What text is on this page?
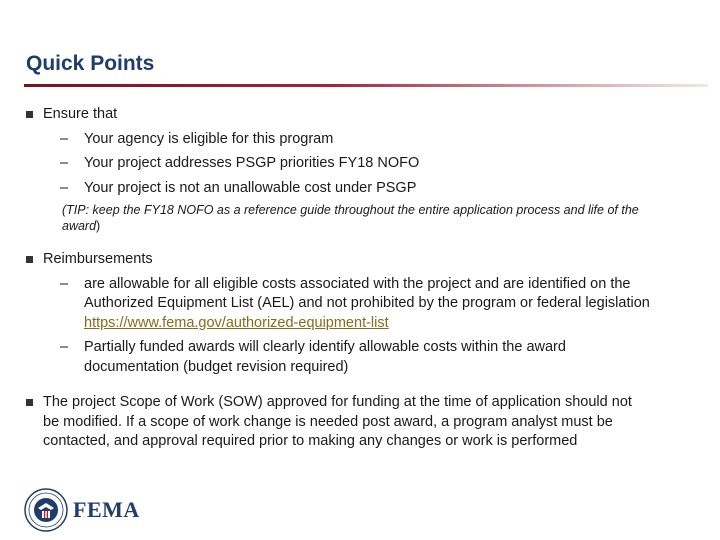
Quick Points
Ensure that
– Your agency is eligible for this program
– Your project addresses PSGP priorities FY18 NOFO
– Your project is not an unallowable cost under PSGP
(TIP: keep the FY18 NOFO as a reference guide throughout the entire application process and life of the award)
Reimbursements
– are allowable for all eligible costs associated with the project and are identified on the Authorized Equipment List (AEL) and not prohibited by the program or federal legislation https://www.fema.gov/authorized-equipment-list
– Partially funded awards will clearly identify allowable costs within the award documentation (budget revision required)
The project Scope of Work (SOW) approved for funding at the time of application should not be modified. If a scope of work change is needed post award, a program analyst must be contacted, and approval required prior to making any changes or work is performed
FEMA
